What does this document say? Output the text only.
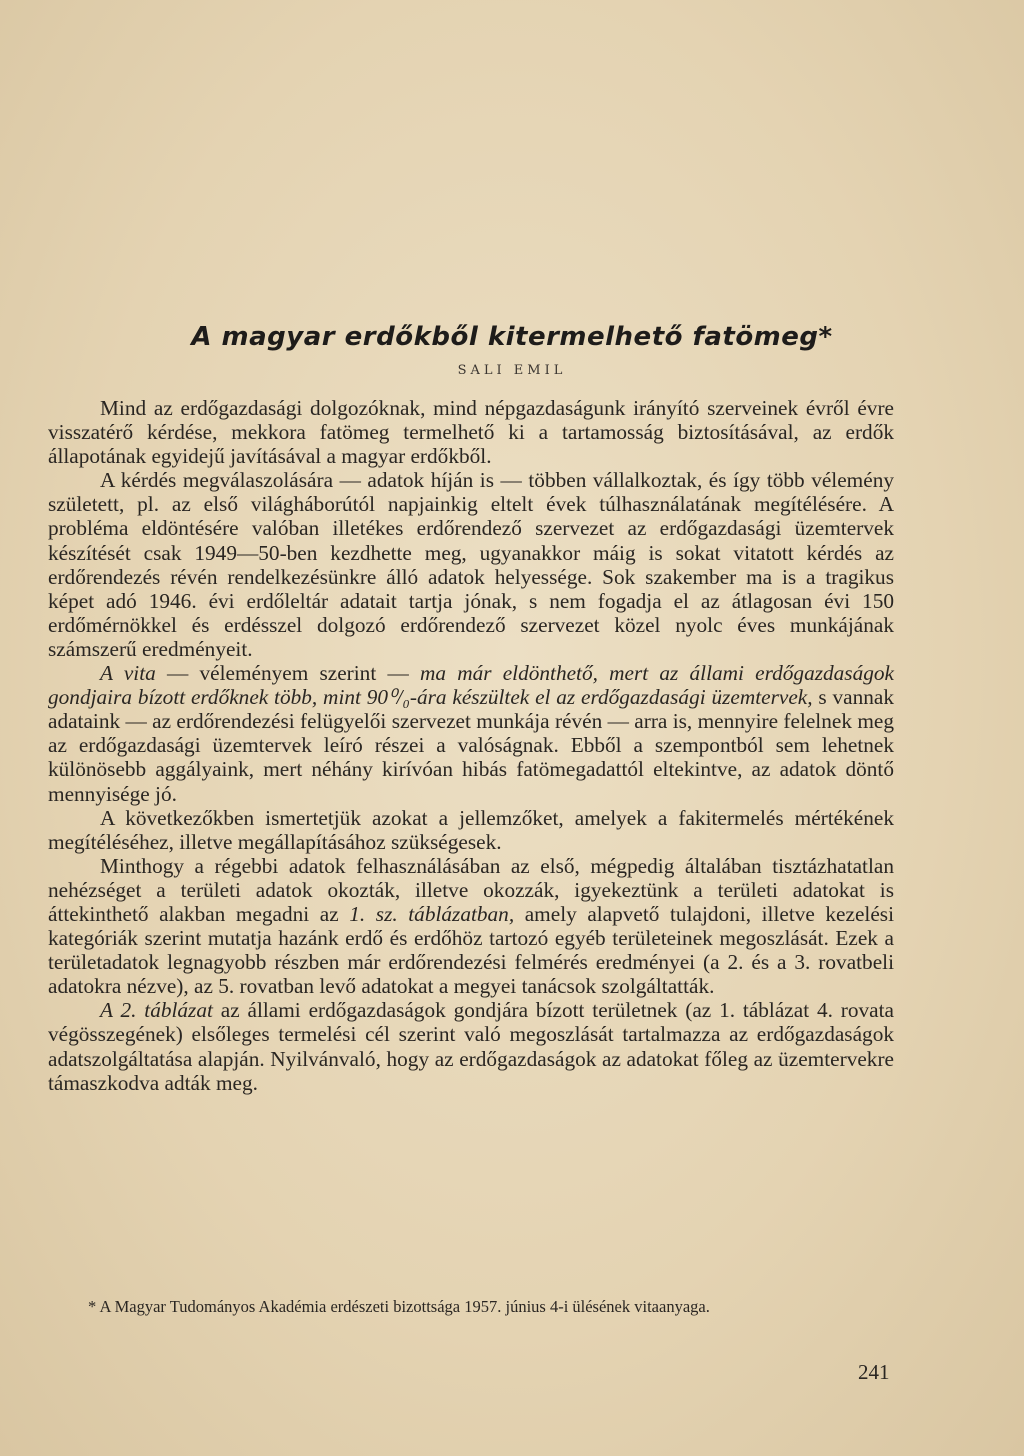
A magyar erdőkből kitermelhető fatömeg*
SALI EMIL

Mind az erdőgazdasági dolgozóknak, mind népgazdaságunk irányító szerveinek évről évre visszatérő kérdése, mekkora fatömeg termelhető ki a tartamosság biztosításával, az erdők állapotának egyidejű javításával a magyar erdőkből.

A kérdés megválaszolására — adatok híján is — többen vállalkoztak, és így több vélemény született, pl. az első világháborútól napjainkig eltelt évek túlhasználatának megítélésére. A probléma eldöntésére valóban illetékes erdőrendező szervezet az erdőgazdasági üzemtervek készítését csak 1949—50-ben kezdhette meg, ugyanakkor máig is sokat vitatott kérdés az erdőrendezés révén rendelkezésünkre álló adatok helyessége. Sok szakember ma is a tragikus képet adó 1946. évi erdőleltár adatait tartja jónak, s nem fogadja el az átlagosan évi 150 erdőmérnökkel és erdésszel dolgozó erdőrendező szervezet közel nyolc éves munkájának számszerű eredményeit.

A vita — véleményem szerint — ma már eldönthető, mert az állami erdőgazdaságok gondjaira bízott erdőknek több, mint 90⁰/₀-ára készültek el az erdőgazdasági üzemtervek, s vannak adataink — az erdőrendezési felügyelői szervezet munkája révén — arra is, mennyire felelnek meg az erdőgazdasági üzemtervek leíró részei a valóságnak. Ebből a szempontból sem lehetnek különösebb aggályaink, mert néhány kirívóan hibás fatömegadattól eltekintve, az adatok döntő mennyisége jó.

A következőkben ismertetjük azokat a jellemzőket, amelyek a fakitermelés mértékének megítéléséhez, illetve megállapításához szükségesek.

Minthogy a régebbi adatok felhasználásában az első, mégpedig általában tisztázhatatlan nehézséget a területi adatok okozták, illetve okozzák, igyekeztünk a területi adatokat is áttekinthető alakban megadni az 1. sz. táblázatban, amely alapvető tulajdoni, illetve kezelési kategóriák szerint mutatja hazánk erdő és erdőhöz tartozó egyéb területeinek megoszlását. Ezek a területadatok legnagyobb részben már erdőrendezési felmérés eredményei (a 2. és a 3. rovatbeli adatokra nézve), az 5. rovatban levő adatokat a megyei tanácsok szolgáltatták.

A 2. táblázat az állami erdőgazdaságok gondjára bízott területnek (az 1. táblázat 4. rovata végösszegének) elsőleges termelési cél szerint való megoszlását tartalmazza az erdőgazdaságok adatszolgáltatása alapján. Nyilvánvaló, hogy az erdőgazdaságok az adatokat főleg az üzemtervekre támaszkodva adták meg.

* A Magyar Tudományos Akadémia erdészeti bizottsága 1957. június 4-i ülésének vitaanyaga.

241
